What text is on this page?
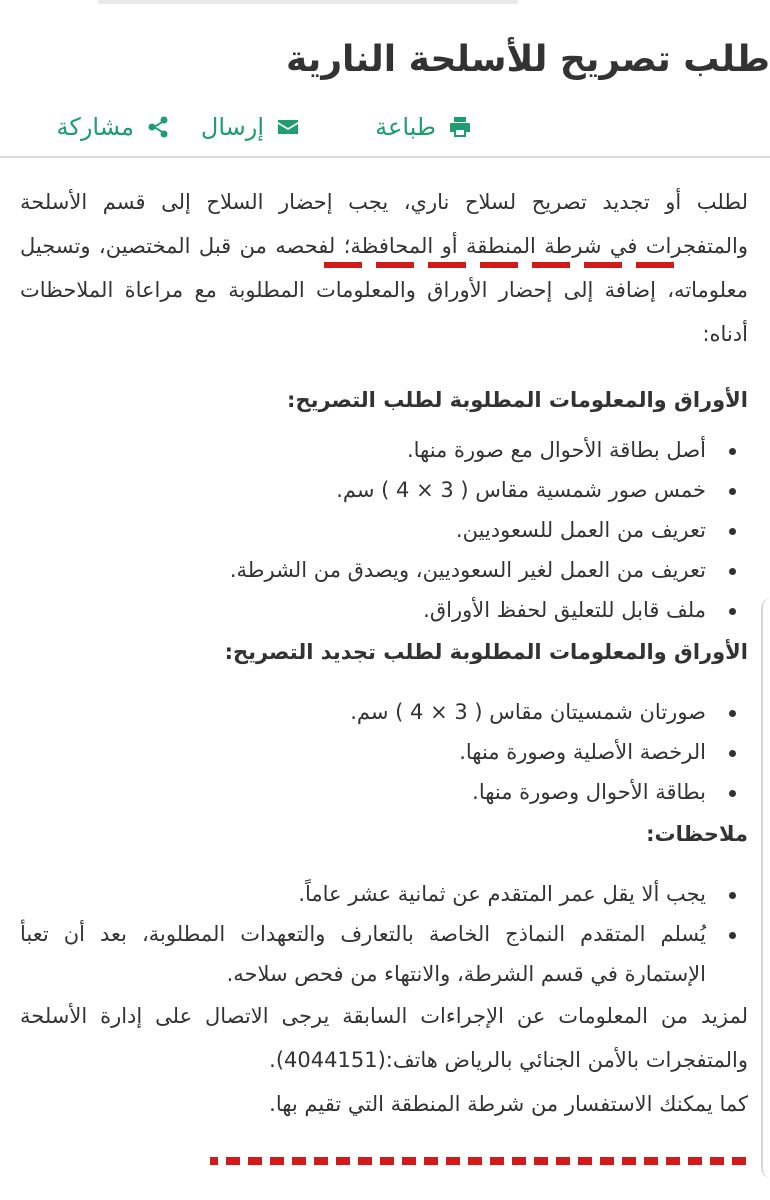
طلب تصريح للأسلحة النارية
طباعة
إرسال
مشاركة

لطلب أو تجديد تصريح لسلاح ناري، يجب إحضار السلاح إلى قسم الأسلحة والمتفجرات في شرطة المنطقة أو المحافظة؛ لفحصه من قبل المختصين، وتسجيل معلوماته، إضافة إلى إحضار الأوراق والمعلومات المطلوبة مع مراعاة الملاحظات أدناه:

الأوراق والمعلومات المطلوبة لطلب التصريح:
أصل بطاقة الأحوال مع صورة منها.
خمس صور شمسية مقاس ( 3 × 4 ) سم.
تعريف من العمل للسعوديين.
تعريف من العمل لغير السعوديين، ويصدق من الشرطة.
ملف قابل للتعليق لحفظ الأوراق.
الأوراق والمعلومات المطلوبة لطلب تجديد التصريح:
صورتان شمسيتان مقاس ( 3 × 4 ) سم.
الرخصة الأصلية وصورة منها.
بطاقة الأحوال وصورة منها.
ملاحظات:
يجب ألا يقل عمر المتقدم عن ثمانية عشر عاماً.
يُسلم المتقدم النماذج الخاصة بالتعارف والتعهدات المطلوبة، بعد أن تعبأ الإستمارة في قسم الشرطة، والانتهاء من فحص سلاحه.

لمزيد من المعلومات عن الإجراءات السابقة يرجى الاتصال على إدارة الأسلحة والمتفجرات بالأمن الجنائي بالرياض هاتف:(4044151).

كما يمكنك الاستفسار من شرطة المنطقة التي تقيم بها.
